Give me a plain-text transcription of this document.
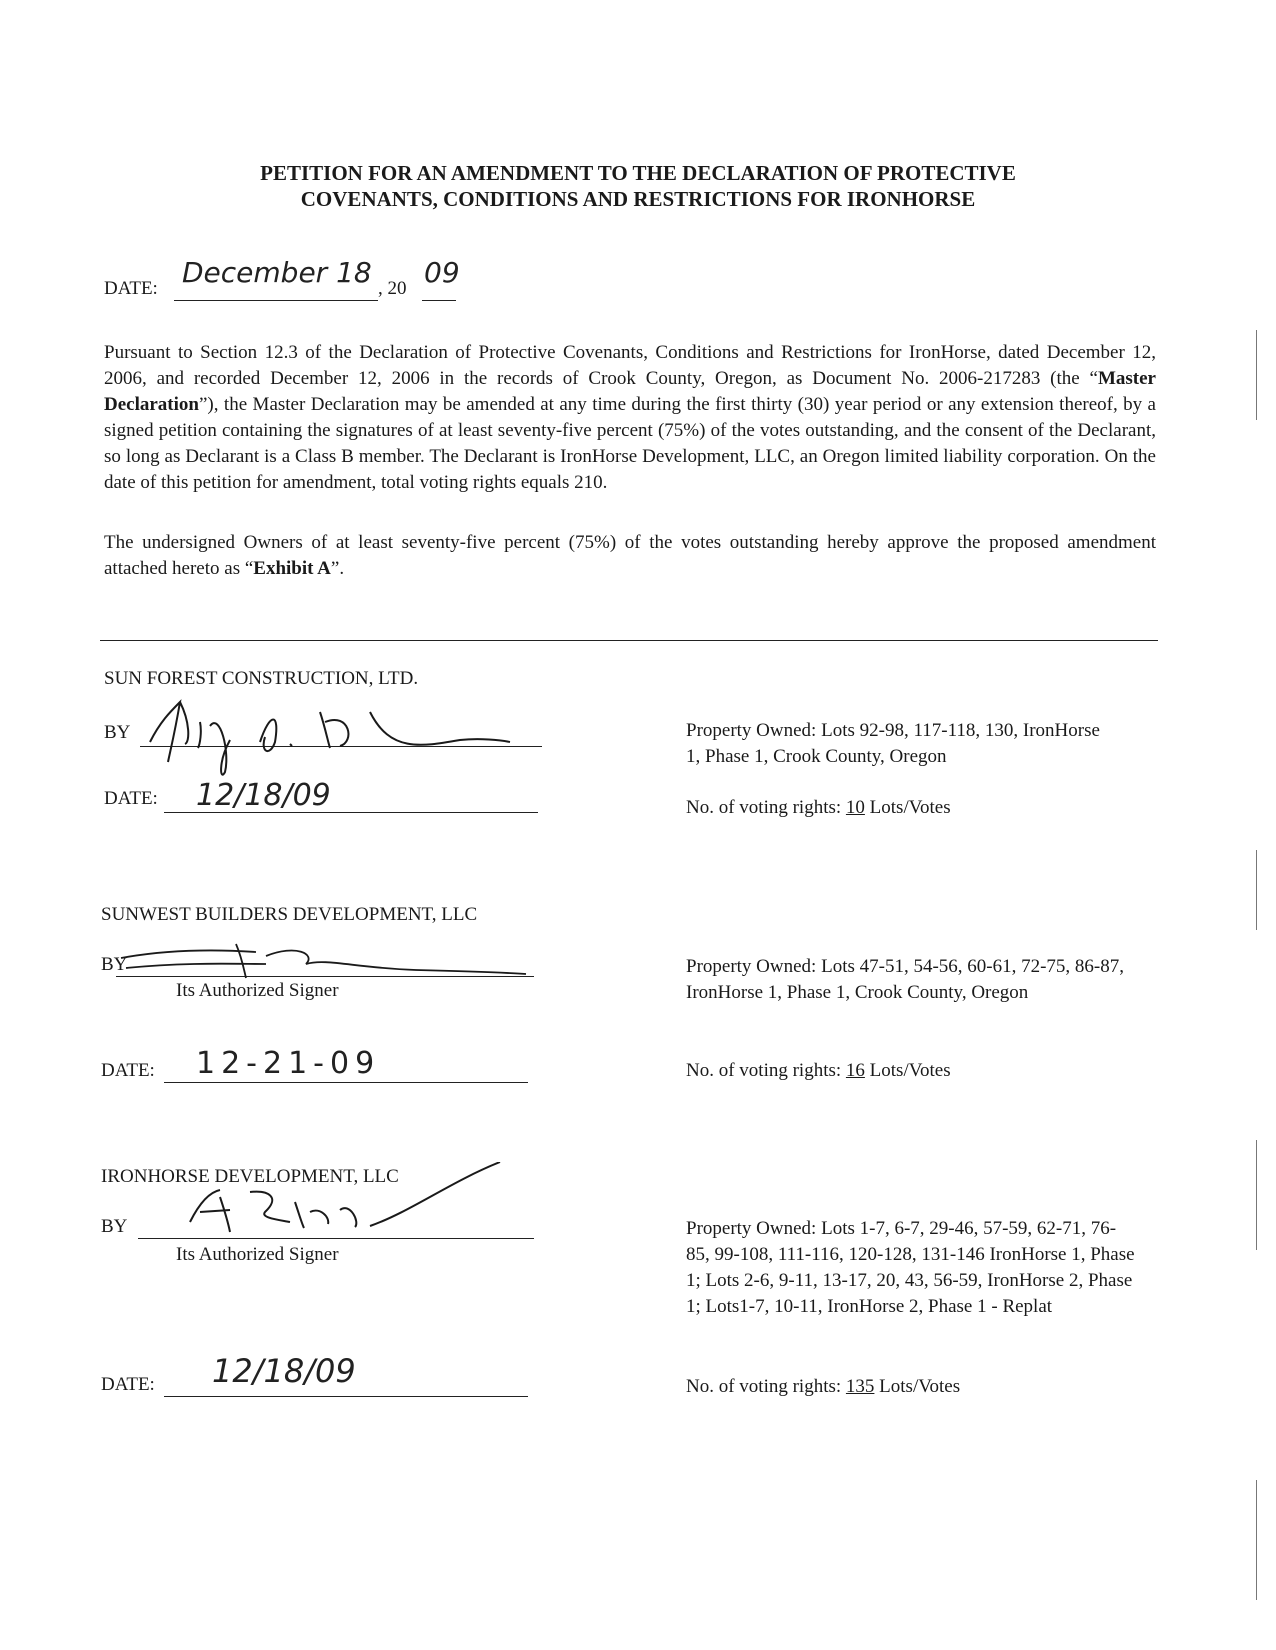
PETITION FOR AN AMENDMENT TO THE DECLARATION OF PROTECTIVE
COVENANTS, CONDITIONS AND RESTRICTIONS FOR IRONHORSE
DATE: December 18 , 20 09
Pursuant to Section 12.3 of the Declaration of Protective Covenants, Conditions and Restrictions for IronHorse, dated December 12, 2006, and recorded December 12, 2006 in the records of Crook County, Oregon, as Document No. 2006-217283 (the “Master Declaration”), the Master Declaration may be amended at any time during the first thirty (30) year period or any extension thereof, by a signed petition containing the signatures of at least seventy-five percent (75%) of the votes outstanding, and the consent of the Declarant, so long as Declarant is a Class B member. The Declarant is IronHorse Development, LLC, an Oregon limited liability corporation. On the date of this petition for amendment, total voting rights equals 210.
The undersigned Owners of at least seventy-five percent (75%) of the votes outstanding hereby approve the proposed amendment attached hereto as “Exhibit A”.
SUN FOREST CONSTRUCTION, LTD.
BY
DATE: 12/18/09
Property Owned: Lots 92-98, 117-118, 130, IronHorse 1, Phase 1, Crook County, Oregon
No. of voting rights: 10 Lots/Votes
SUNWEST BUILDERS DEVELOPMENT, LLC
BY
Its Authorized Signer
DATE: 12-21-09
Property Owned: Lots 47-51, 54-56, 60-61, 72-75, 86-87, IronHorse 1, Phase 1, Crook County, Oregon
No. of voting rights: 16 Lots/Votes
IRONHORSE DEVELOPMENT, LLC
BY
Its Authorized Signer
DATE: 12/18/09
Property Owned: Lots 1-7, 6-7, 29-46, 57-59, 62-71, 76-85, 99-108, 111-116, 120-128, 131-146 IronHorse 1, Phase 1; Lots 2-6, 9-11, 13-17, 20, 43, 56-59, IronHorse 2, Phase 1; Lots1-7, 10-11, IronHorse 2, Phase 1 - Replat
No. of voting rights: 135 Lots/Votes
